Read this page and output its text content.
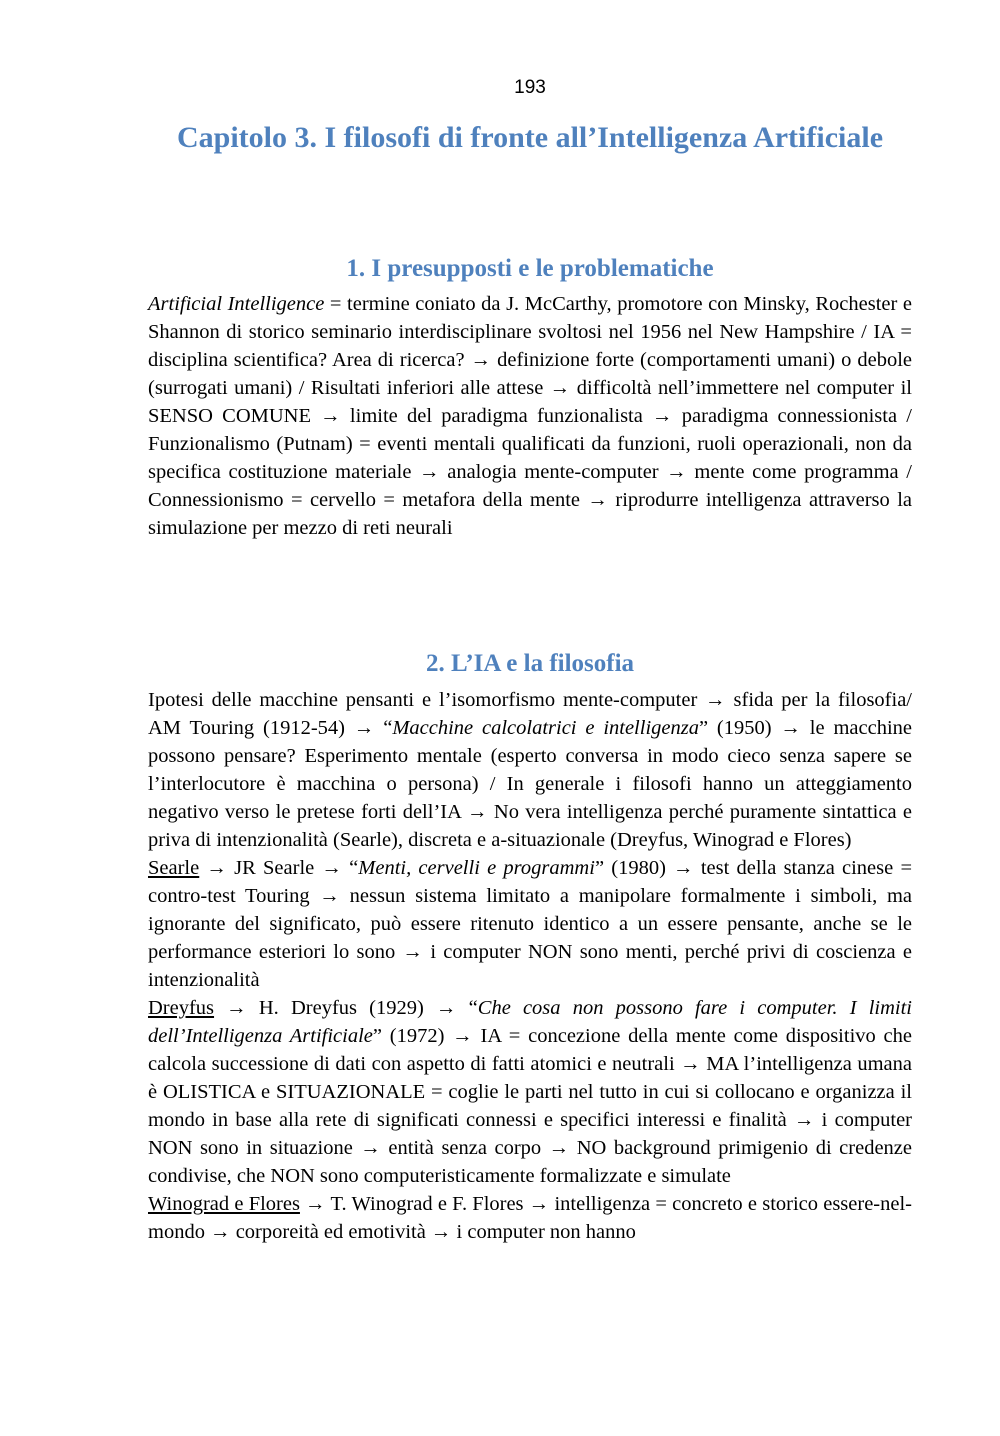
193
Capitolo 3. I filosofi di fronte all’Intelligenza Artificiale
1. I presupposti e le problematiche

Artificial Intelligence = termine coniato da J. McCarthy, promotore con Minsky, Rochester e Shannon di storico seminario interdisciplinare svoltosi nel 1956 nel New Hampshire / IA = disciplina scientifica? Area di ricerca? → definizione forte (comportamenti umani) o debole (surrogati umani) / Risultati inferiori alle attese → difficoltà nell’immettere nel computer il SENSO COMUNE → limite del paradigma funzionalista → paradigma connessionista / Funzionalismo (Putnam) = eventi mentali qualificati da funzioni, ruoli operazionali, non da specifica costituzione materiale → analogia mente-computer → mente come programma / Connessionismo = cervello = metafora della mente → riprodurre intelligenza attraverso la simulazione per mezzo di reti neurali

2. L’IA e la filosofia
Ipotesi delle macchine pensanti e l’isomorfismo mente-computer → sfida per la filosofia/ AM Touring (1912-54) → “Macchine calcolatrici e intelligenza” (1950) → le macchine possono pensare? Esperimento mentale (esperto conversa in modo cieco senza sapere se l’interlocutore è macchina o persona) / In generale i filosofi hanno un atteggiamento negativo verso le pretese forti dell’IA → No vera intelligenza perché puramente sintattica e priva di intenzionalità (Searle), discreta e a-situazionale (Dreyfus, Winograd e Flores)
Searle → JR Searle → “Menti, cervelli e programmi” (1980) → test della stanza cinese = contro-test Touring → nessun sistema limitato a manipolare formalmente i simboli, ma ignorante del significato, può essere ritenuto identico a un essere pensante, anche se le performance esteriori lo sono → i computer NON sono menti, perché privi di coscienza e intenzionalità
Dreyfus → H. Dreyfus (1929) → “Che cosa non possono fare i computer. I limiti dell’Intelligenza Artificiale” (1972) → IA = concezione della mente come dispositivo che calcola successione di dati con aspetto di fatti atomici e neutrali → MA l’intelligenza umana è OLISTICA e SITUAZIONALE = coglie le parti nel tutto in cui si collocano e organizza il mondo in base alla rete di significati connessi e specifici interessi e finalità → i computer NON sono in situazione → entità senza corpo → NO background primigenio di credenze condivise, che NON sono computeristicamente formalizzate e simulate
Winograd e Flores → T. Winograd e F. Flores → intelligenza = concreto e storico essere-nel-mondo → corporeità ed emotività → i computer non hanno
